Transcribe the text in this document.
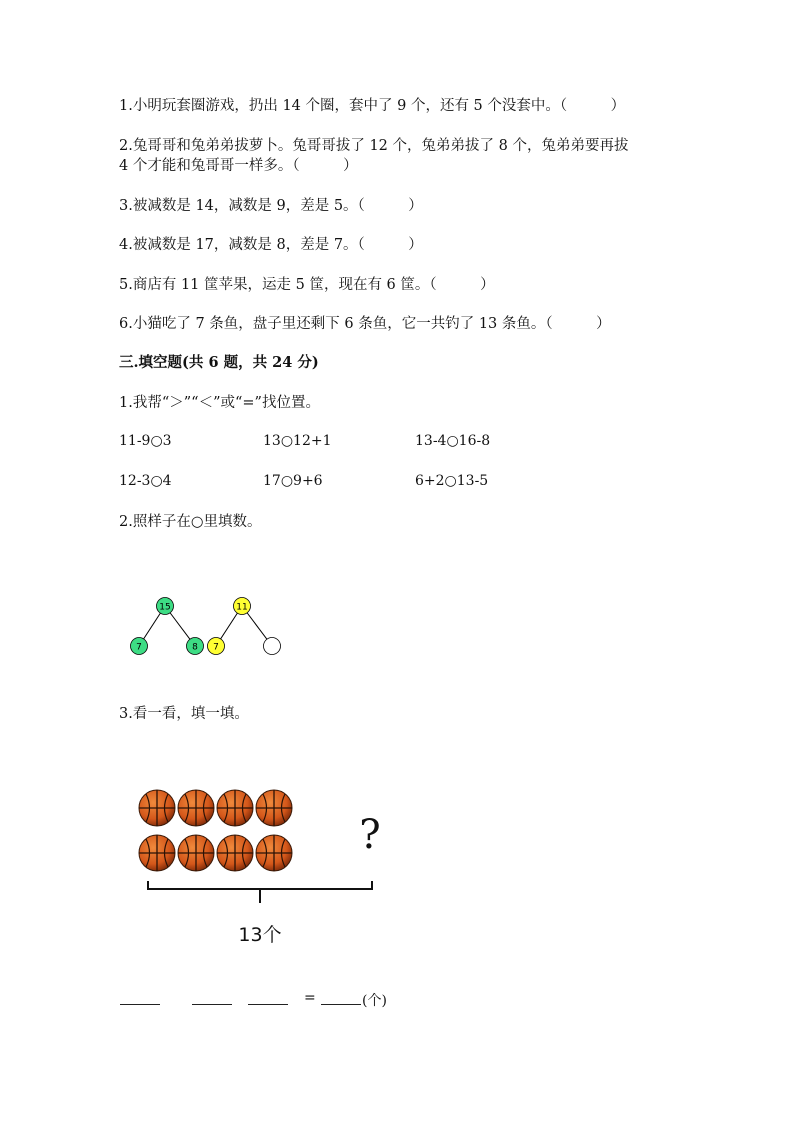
1.小明玩套圈游戏，扔出 14 个圈，套中了 9 个，还有 5 个没套中。（　　　）
2.兔哥哥和兔弟弟拔萝卜。兔哥哥拔了 12 个，兔弟弟拔了 8 个，兔弟弟要再拔
4 个才能和兔哥哥一样多。（　　　）
3.被减数是 14，减数是 9，差是 5。（　　　）
4.被减数是 17，减数是 8，差是 7。（　　　）
5.商店有 11 筐苹果，运走 5 筐，现在有 6 筐。（　　　）
6.小猫吃了 7 条鱼，盘子里还剩下 6 条鱼，它一共钓了 13 条鱼。（　　　）
三.填空题(共 6 题，共 24 分)
1.我帮“＞”“＜”或“=”找位置。
11-9○3	13○12+1	13-4○16-8
12-3○4	17○9+6	6+2○13-5
2.照样子在○里填数。
15
7	8
11
7
?
13个
3.看一看，填一填。
=	(个)
